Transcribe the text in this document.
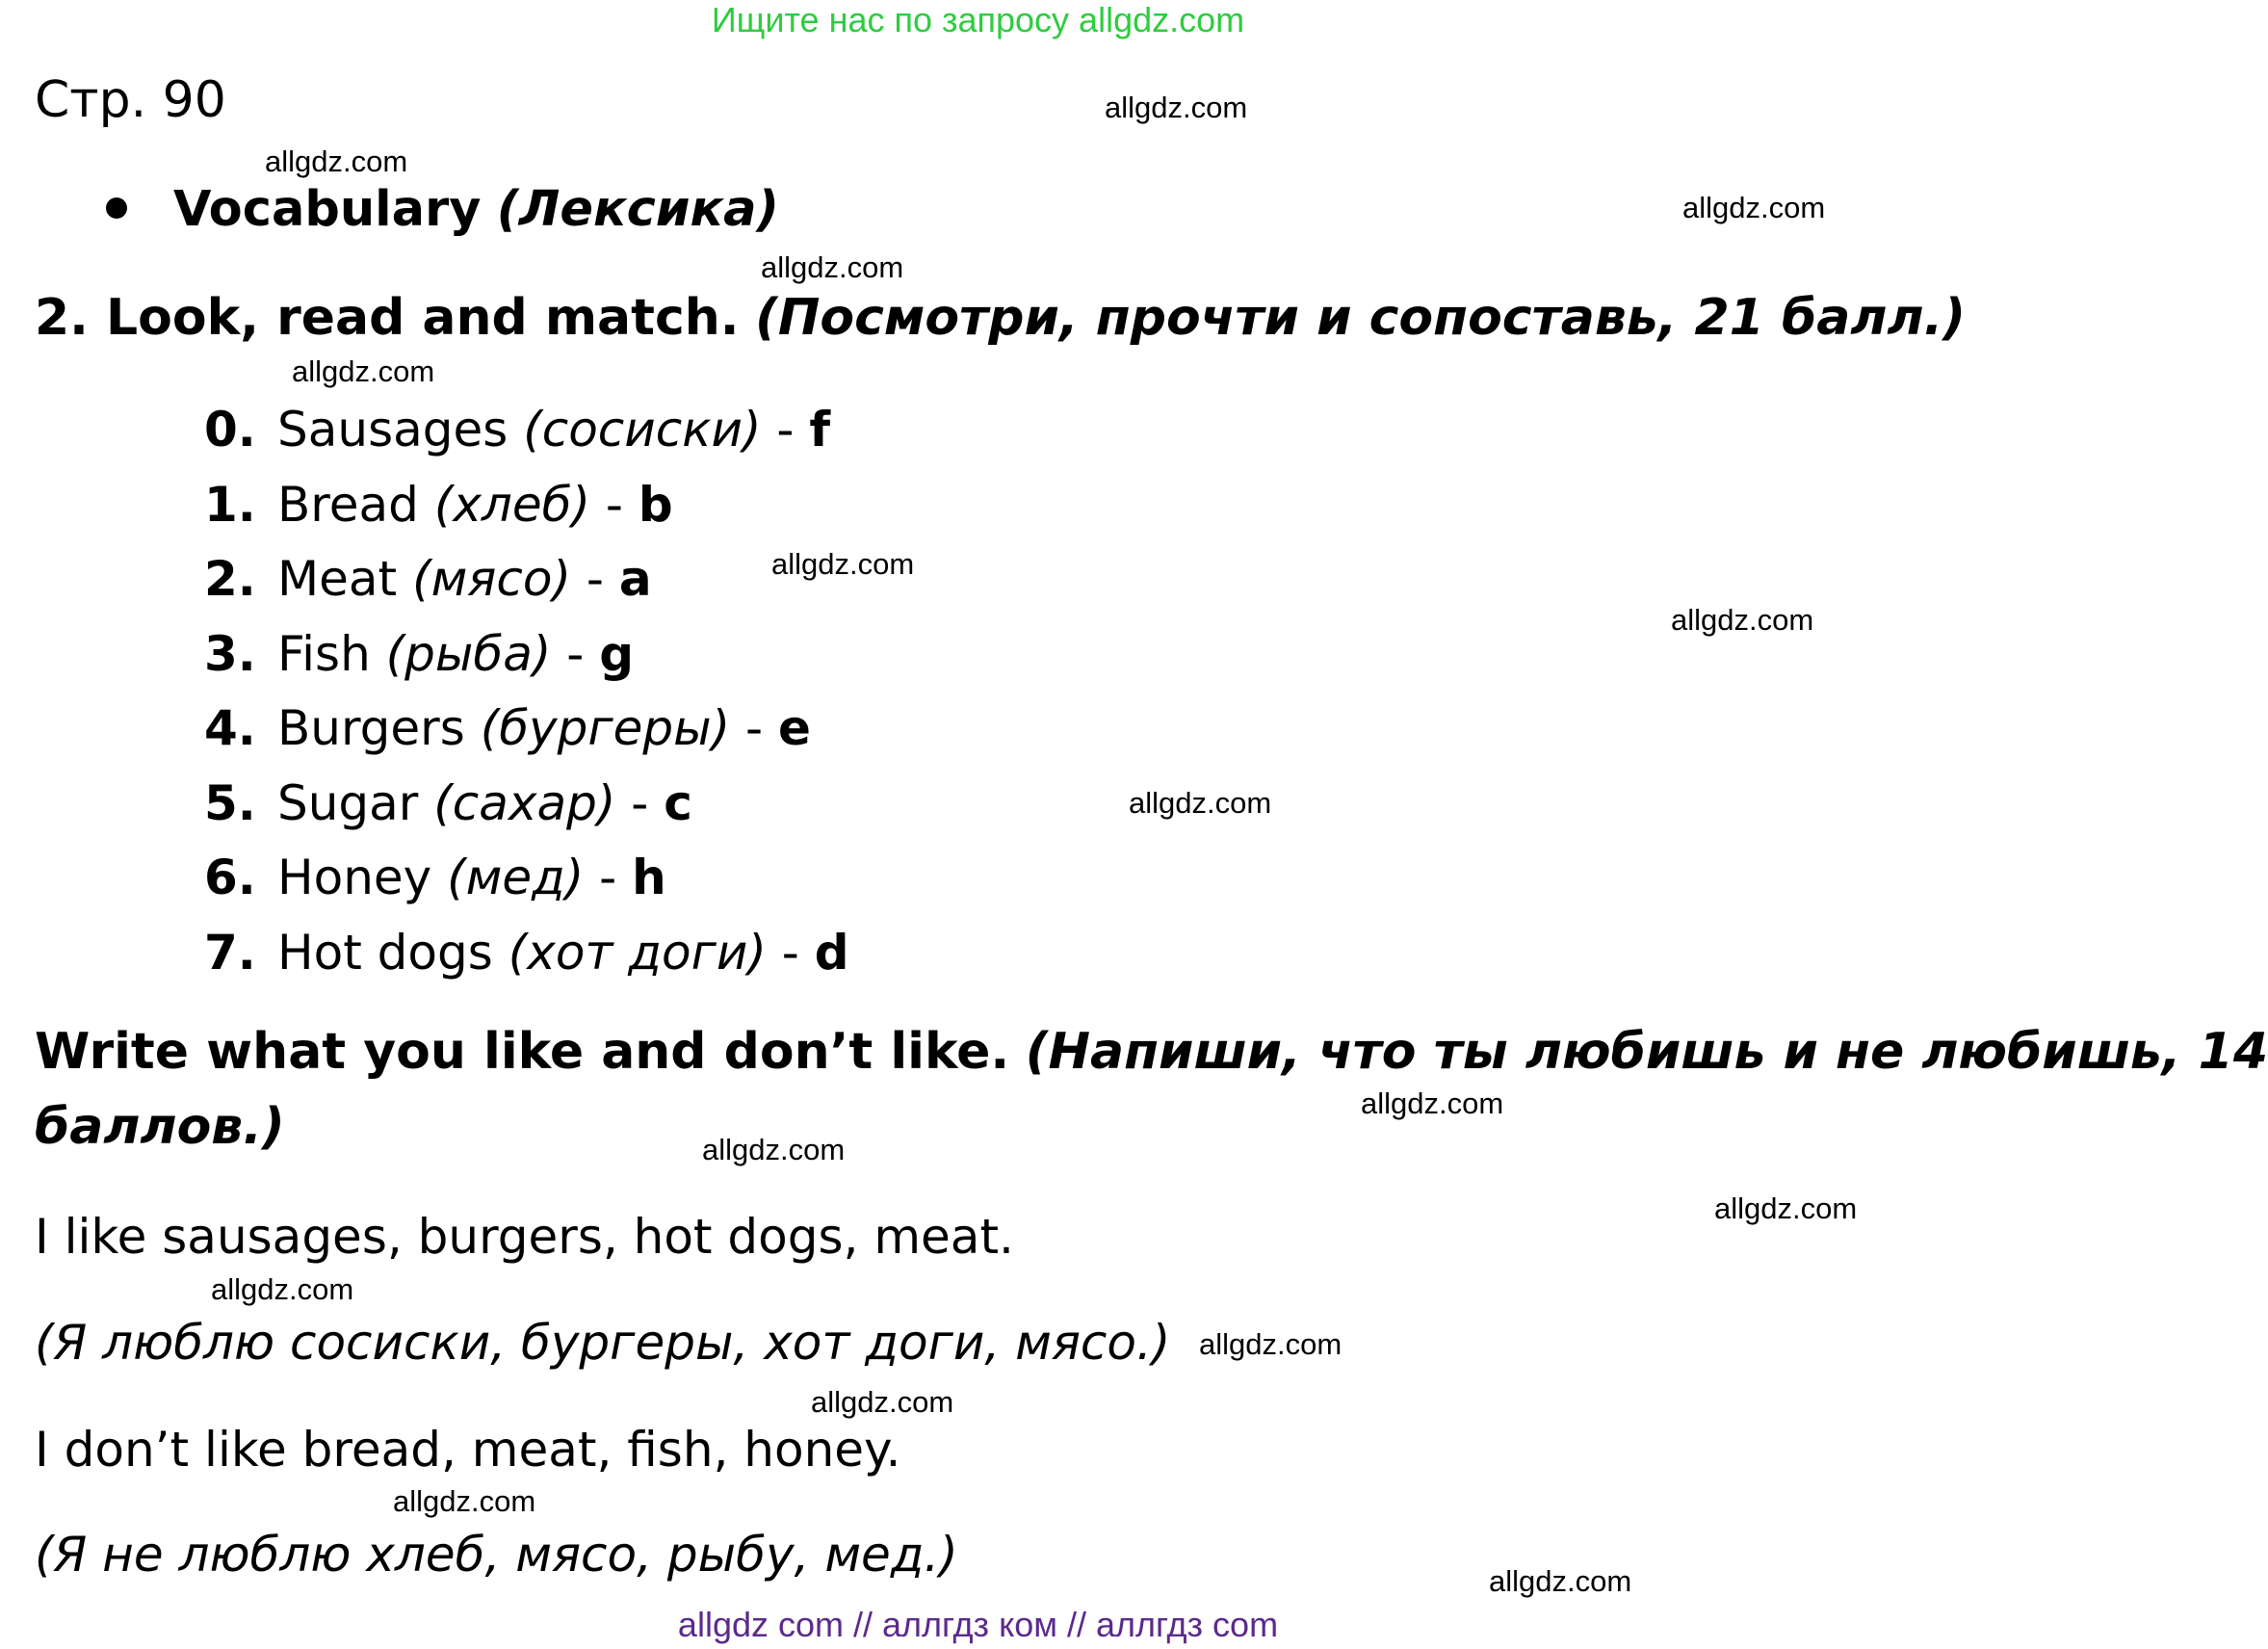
Ищите нас по запросу allgdz.com
Стр. 90
Vocabulary (Лексика)
2. Look, read and match. (Посмотри, прочти и сопоставь, 21 балл.)
0. Sausages (сосиски) - f
1. Bread (хлеб) - b
2. Meat (мясо) - a
3. Fish (рыба) - g
4. Burgers (бургеры) - e
5. Sugar (сахар) - c
6. Honey (мед) - h
7. Hot dogs (хот доги) - d
Write what you like and don’t like. (Напиши, что ты любишь и не любишь, 14
баллов.)
I like sausages, burgers, hot dogs, meat.
(Я люблю сосиски, бургеры, хот доги, мясо.)
I don’t like bread, meat, fish, honey.
(Я не люблю хлеб, мясо, рыбу, мед.)
allgdz.com
allgdz.com
allgdz.com
allgdz.com
allgdz.com
allgdz.com
allgdz.com
allgdz.com
allgdz.com
allgdz.com
allgdz.com
allgdz.com
allgdz.com
allgdz.com
allgdz.com
allgdz.com
allgdz com // аллгдз ком // аллгдз com
